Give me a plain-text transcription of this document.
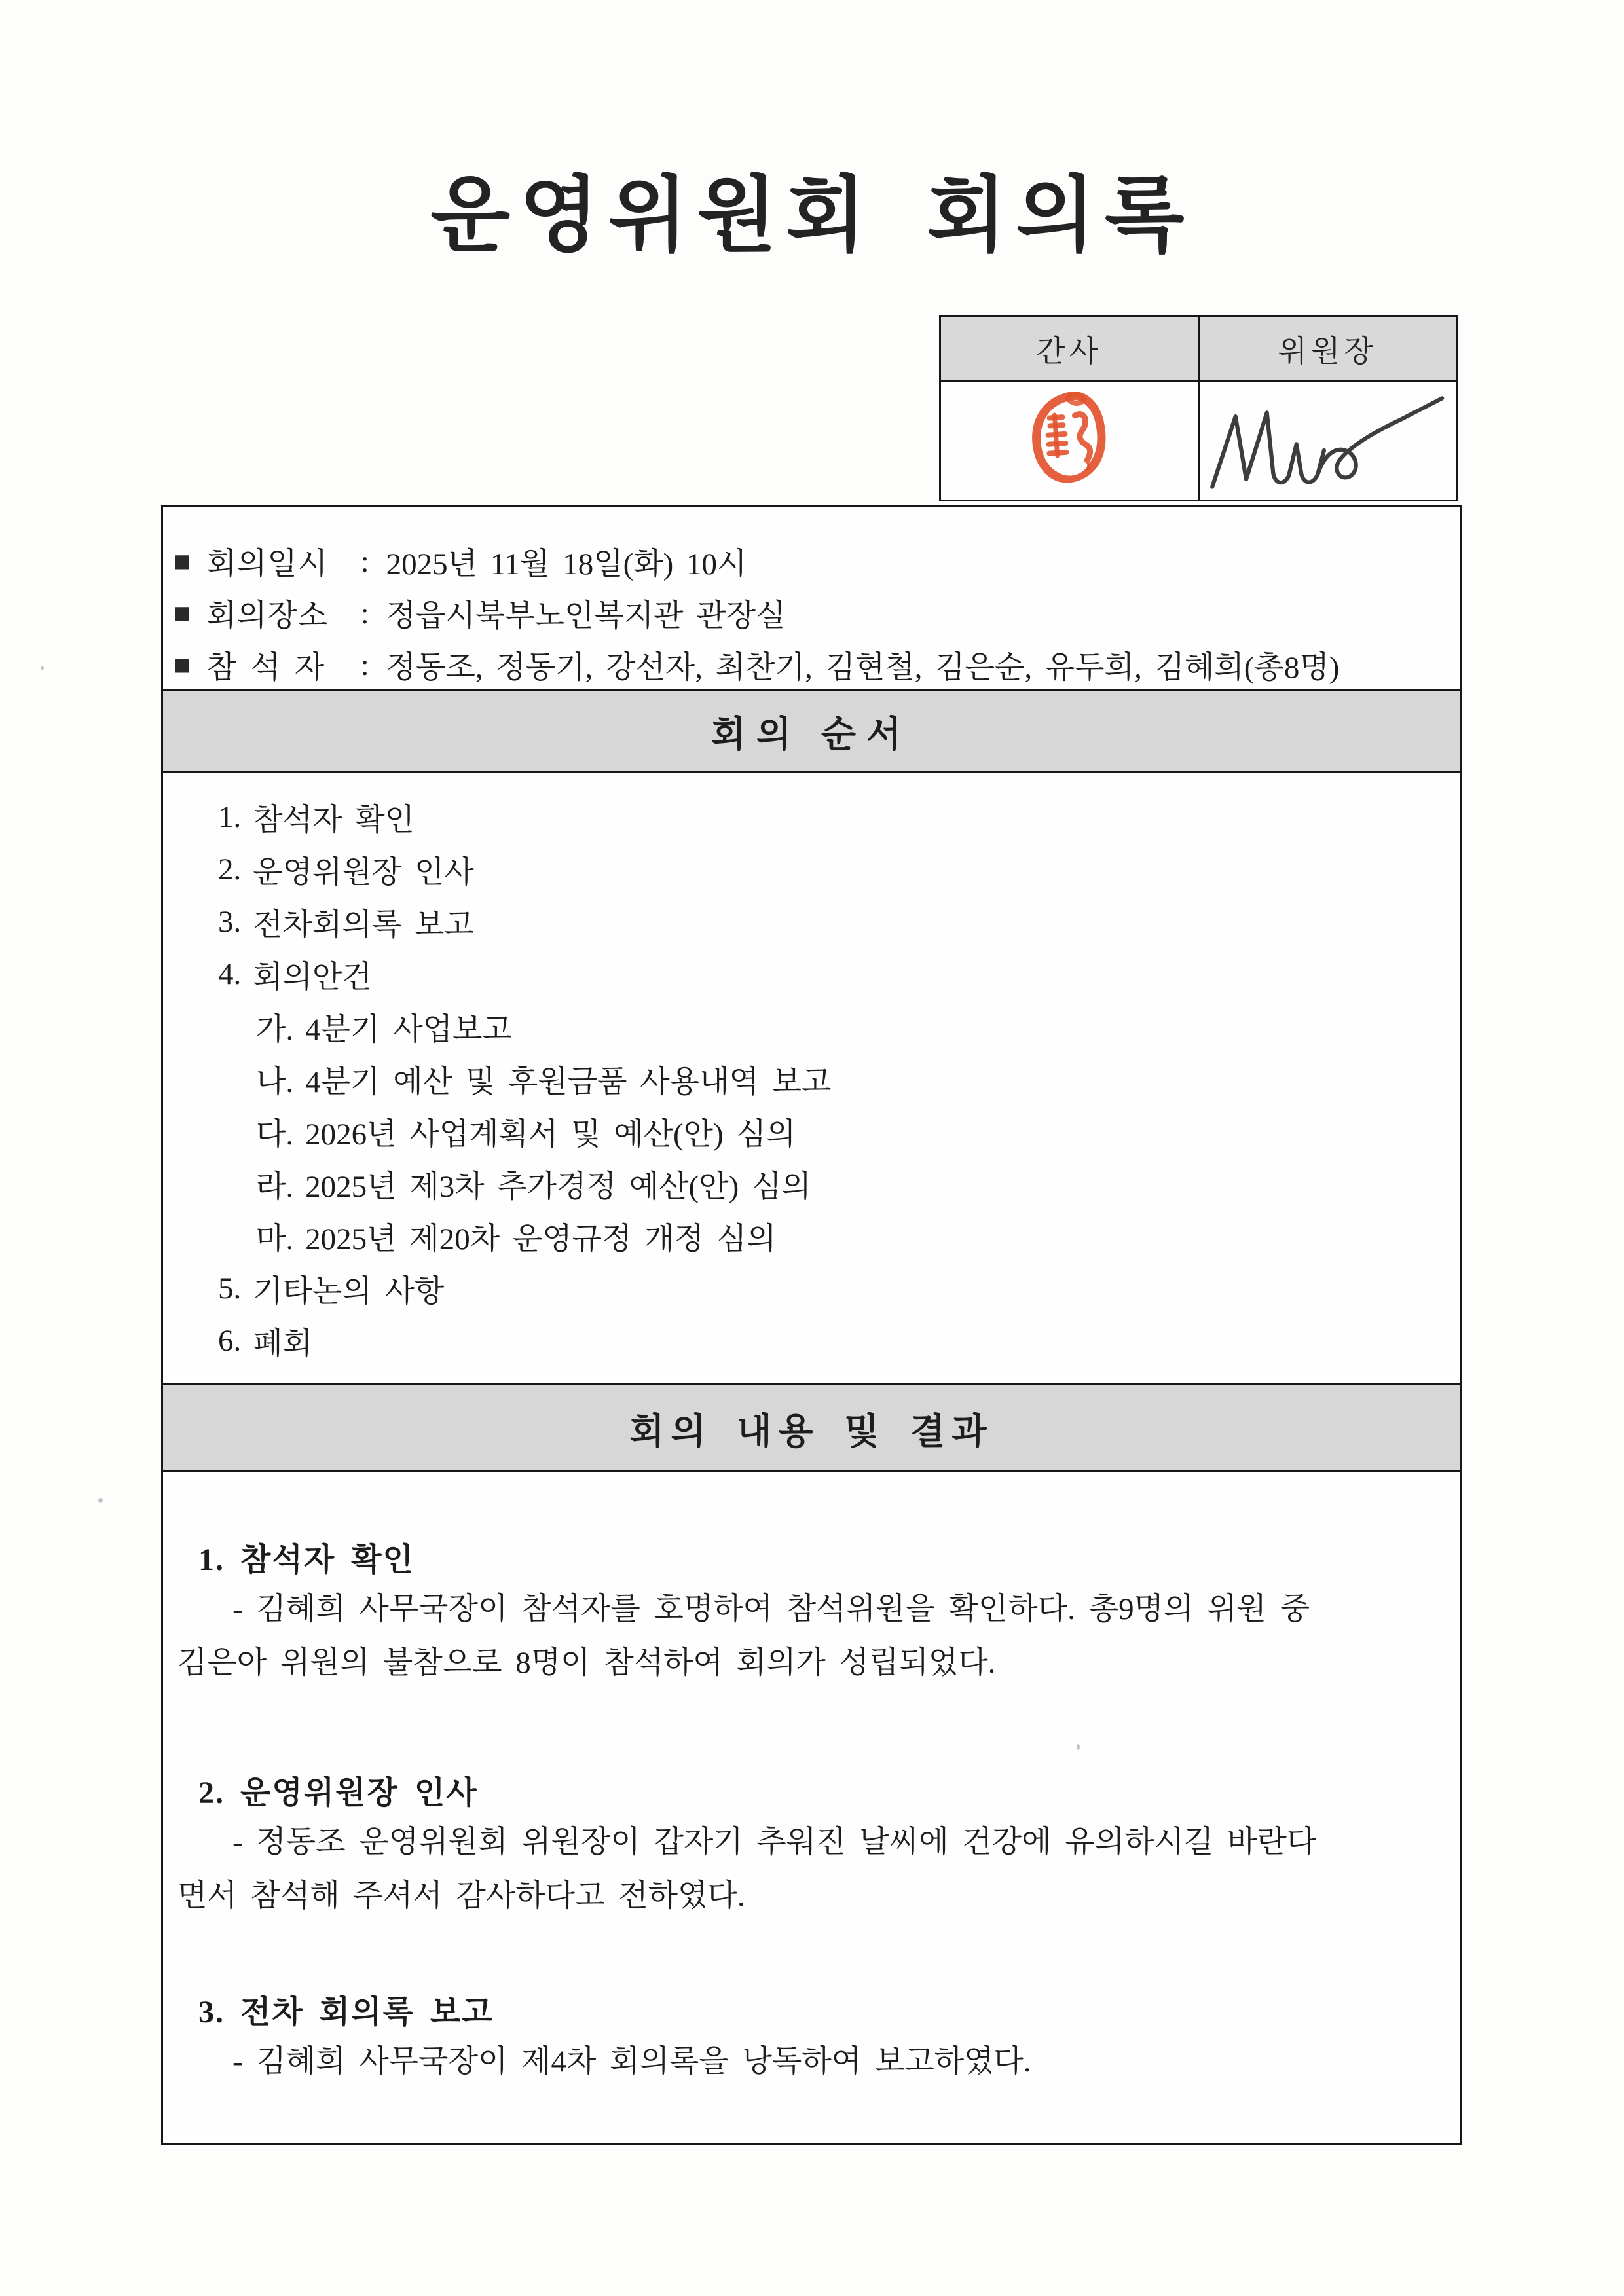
운영위원회 회의록
간사	위원장

■ 회의일시	: 2025년 11월 18일(화) 10시
■ 회의장소	: 정읍시북부노인복지관 관장실
■ 참 석 자	: 정동조, 정동기, 강선자, 최찬기, 김현철, 김은순, 유두희, 김혜희(총8명)
회의 순서
1. 참석자 확인
2. 운영위원장 인사
3. 전차회의록 보고
4. 회의안건
가. 4분기 사업보고
나. 4분기 예산 및 후원금품 사용내역 보고
다. 2026년 사업계획서 및 예산(안) 심의
라. 2025년 제3차 추가경정 예산(안) 심의
마. 2025년 제20차 운영규정 개정 심의
5. 기타논의 사항
6. 폐회
회의 내용 및 결과
1. 참석자 확인
- 김혜희 사무국장이 참석자를 호명하여 참석위원을 확인하다. 총9명의 위원 중
김은아 위원의 불참으로 8명이 참석하여 회의가 성립되었다.
2. 운영위원장 인사
- 정동조 운영위원회 위원장이 갑자기 추워진 날씨에 건강에 유의하시길 바란다
면서 참석해 주셔서 감사하다고 전하였다.
3. 전차 회의록 보고
- 김혜희 사무국장이 제4차 회의록을 낭독하여 보고하였다.
